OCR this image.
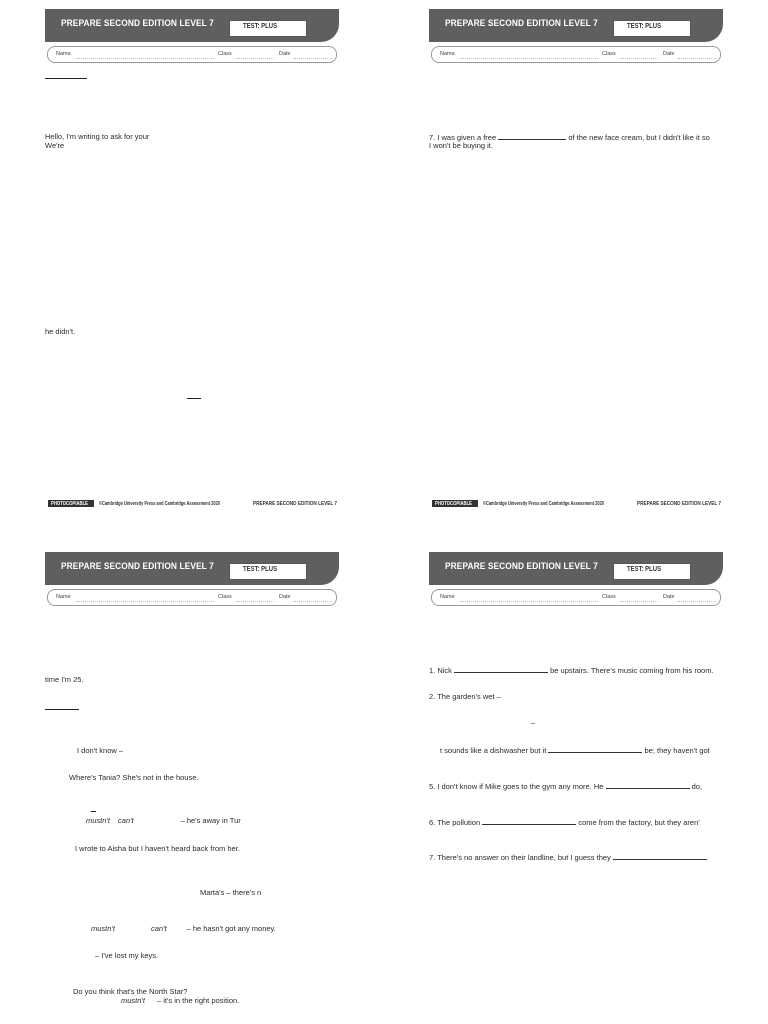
PREPARE SECOND EDITION LEVEL 7	TEST: PLUS
Name	Class	Date
Hello, I'm writing to ask for your
We're
he didn't.
PHOTOCOPIABLE ©Cambridge University Press and Cambridge Assessment 2020	PREPARE SECOND EDITION LEVEL 7
PREPARE SECOND EDITION LEVEL 7	TEST: PLUS
Name	Class	Date
7. I was given a free	of the new face cream, but I didn't like it so
I won't be buying it.
PHOTOCOPIABLE ©Cambridge University Press and Cambridge Assessment 2020	PREPARE SECOND EDITION LEVEL 7
PREPARE SECOND EDITION LEVEL 7	TEST: PLUS
Name	Class	Date
time I'm 25.
I don't know –
Where's Tania? She's not in the house.
mustn't can't	– he's away in Tur
I wrote to Aisha but I haven't heard back from her.
Marta's – there's n
mustn't	can't	– he hasn't got any money.
– I've lost my keys.
Do you think that's the North Star?
mustn't – it's in the right position.
PREPARE SECOND EDITION LEVEL 7	TEST: PLUS
Name	Class	Date
1. Nick	be upstairs. There's music coming from his room.
2. The garden's wet –
–
t sounds like a dishwasher but it	be; they haven't got
5. I don't know if Mike goes to the gym any more. He	do,
6. The pollution	come from the factory, but they aren'
7. There's no answer on their landline, but I guess they
